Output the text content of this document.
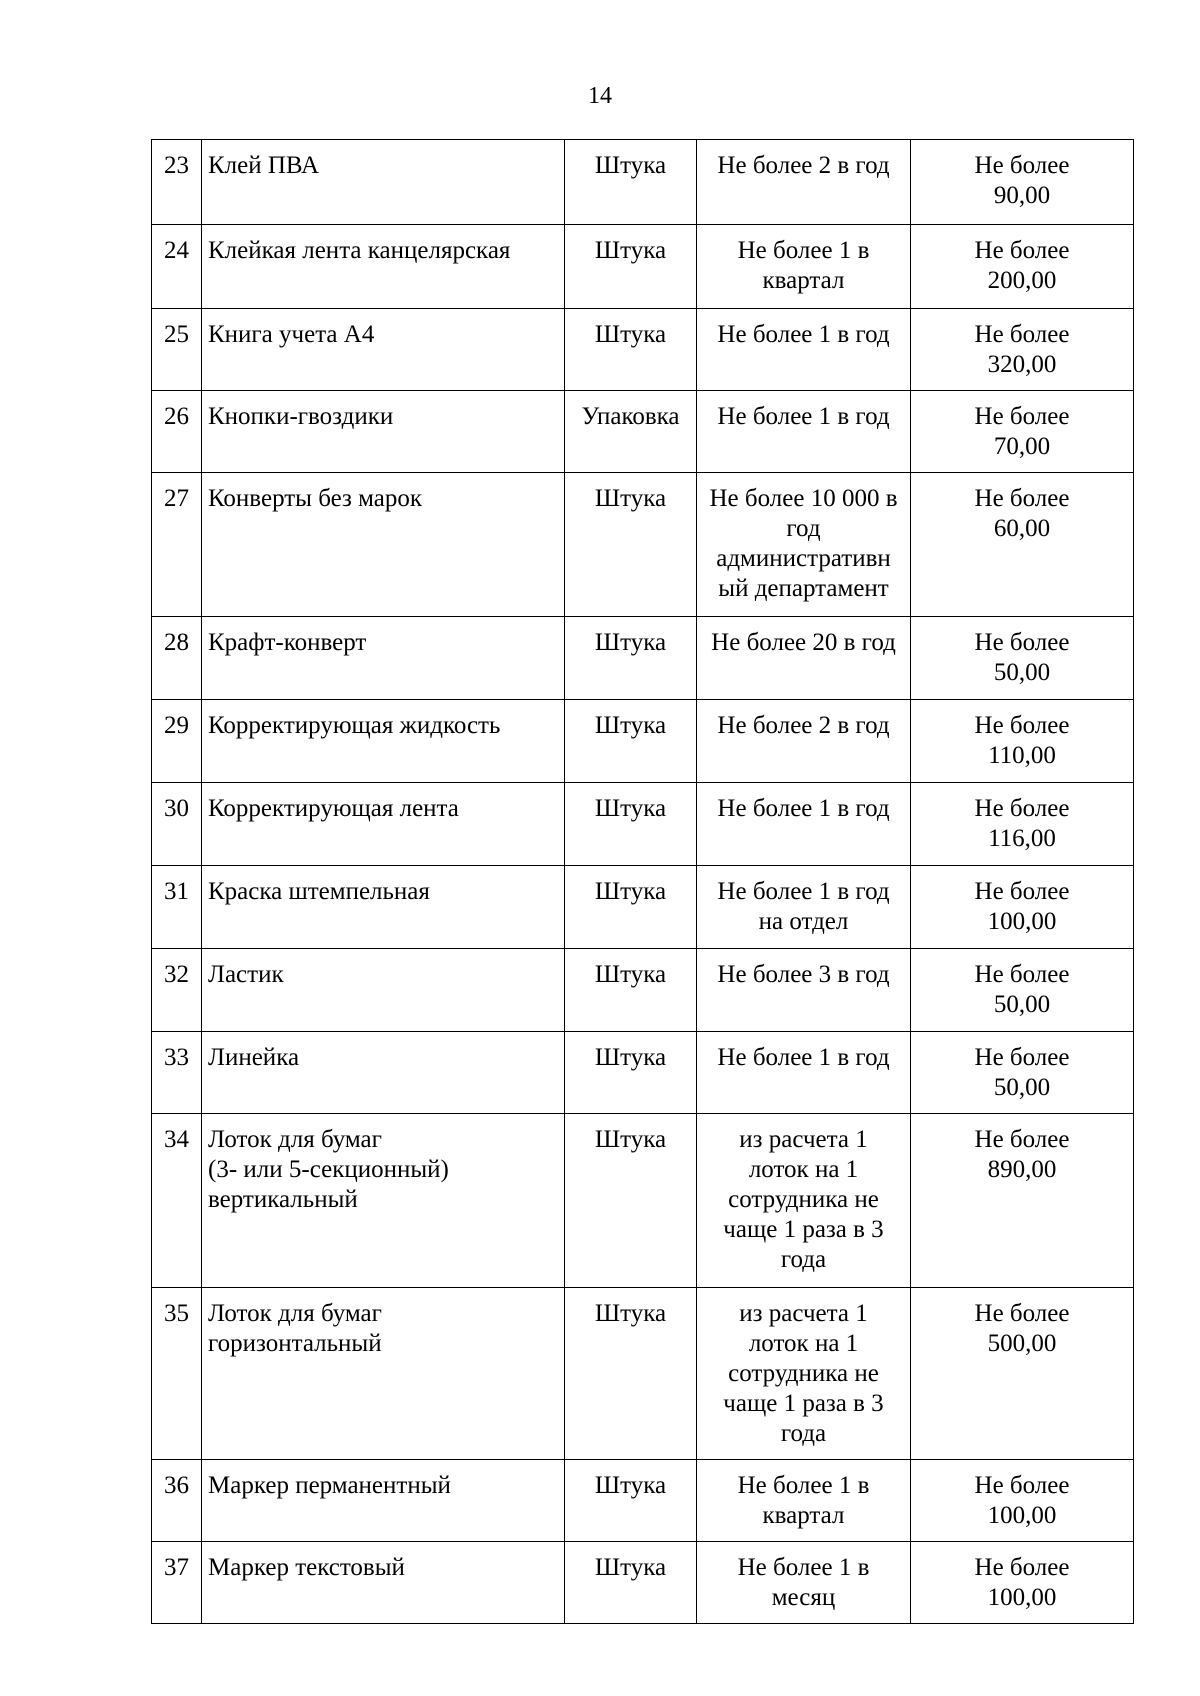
14
23	Клей ПВА	Штука	Не более 2 в год	Не более
90,00
24	Клейкая лента канцелярская	Штука	Не более 1 в
квартал	Не более
200,00
25	Книга учета А4	Штука	Не более 1 в год	Не более
320,00
26	Кнопки-гвоздики	Упаковка	Не более 1 в год	Не более
70,00
27	Конверты без марок	Штука	Не более 10 000 в
год
административн
ый департамент	Не более
60,00
28	Крафт-конверт	Штука	Не более 20 в год	Не более
50,00
29	Корректирующая жидкость	Штука	Не более 2 в год	Не более
110,00
30	Корректирующая лента	Штука	Не более 1 в год	Не более
116,00
31	Краска штемпельная	Штука	Не более 1 в год
на отдел	Не более
100,00
32	Ластик	Штука	Не более 3 в год	Не более
50,00
33	Линейка	Штука	Не более 1 в год	Не более
50,00
34	Лоток для бумаг
(3- или 5-секционный)
вертикальный	Штука	из расчета 1
лоток на 1
сотрудника не
чаще 1 раза в 3
года	Не более
890,00
35	Лоток для бумаг
горизонтальный	Штука	из расчета 1
лоток на 1
сотрудника не
чаще 1 раза в 3
года	Не более
500,00
36	Маркер перманентный	Штука	Не более 1 в
квартал	Не более
100,00
37	Маркер текстовый	Штука	Не более 1 в
месяц	Не более
100,00
